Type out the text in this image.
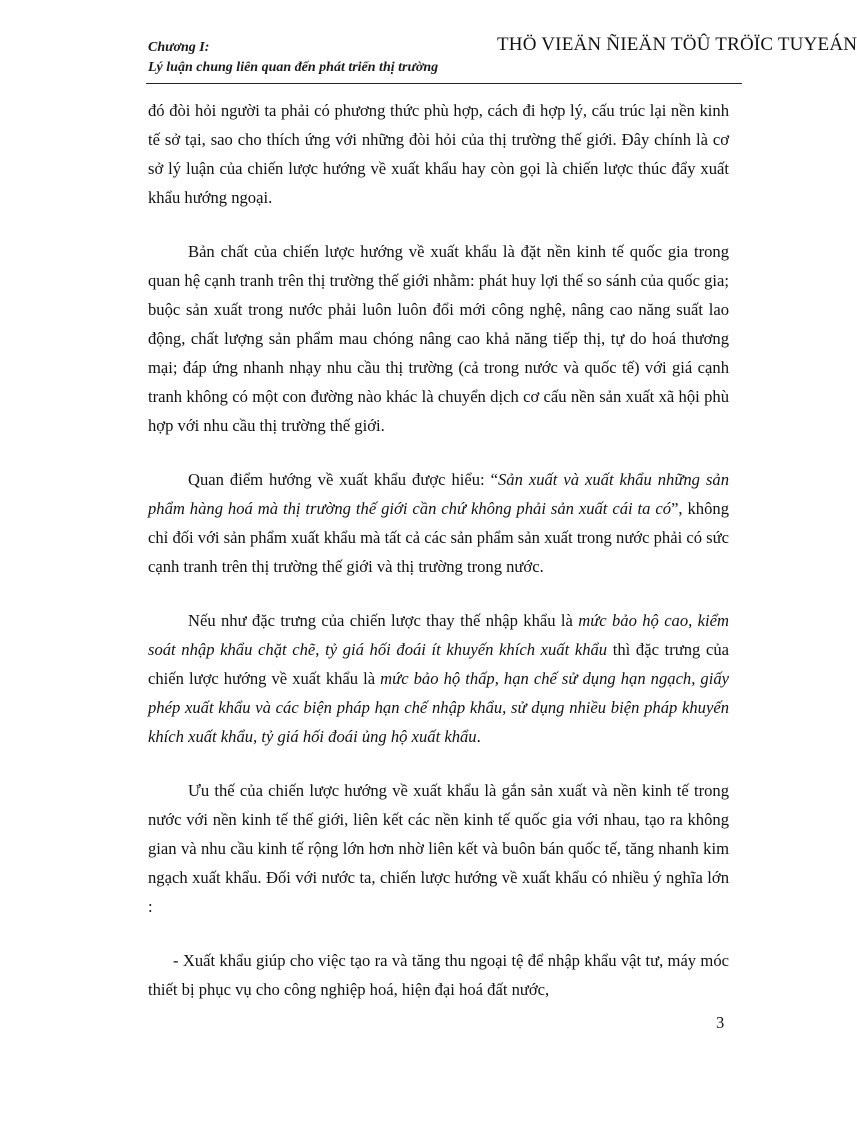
Chương I:
Lý luận chung liên quan đến phát triển thị trường
THÖ VIEÄN ÑIEÄN TÖÛ TRÖÏC TUYEÁN

đó đòi hỏi người ta phải có phương thức phù hợp, cách đi hợp lý, cấu trúc lại nền kinh tế sở tại, sao cho thích ứng với những đòi hỏi của thị trường thế giới. Đây chính là cơ sở lý luận của chiến lược hướng về xuất khẩu hay còn gọi là chiến lược thúc đẩy xuất khẩu hướng ngoại.

Bản chất của chiến lược hướng về xuất khẩu là đặt nền kinh tế quốc gia trong quan hệ cạnh tranh trên thị trường thế giới nhằm: phát huy lợi thế so sánh của quốc gia; buộc sản xuất trong nước phải luôn luôn đổi mới công nghệ, nâng cao năng suất lao động, chất lượng sản phẩm mau chóng nâng cao khả năng tiếp thị, tự do hoá thương mại; đáp ứng nhanh nhạy nhu cầu thị trường (cả trong nước và quốc tế) với giá cạnh tranh không có một con đường nào khác là chuyển dịch cơ cấu nền sản xuất xã hội phù hợp với nhu cầu thị trường thế giới.

Quan điểm hướng về xuất khẩu được hiểu: “Sản xuất và xuất khẩu những sản phẩm hàng hoá mà thị trường thế giới cần chứ không phải sản xuất cái ta có”, không chỉ đối với sản phẩm xuất khẩu mà tất cả các sản phẩm sản xuất trong nước phải có sức cạnh tranh trên thị trường thế giới và thị trường trong nước.

Nếu như đặc trưng của chiến lược thay thế nhập khẩu là mức bảo hộ cao, kiểm soát nhập khẩu chặt chẽ, tỷ giá hối đoái ít khuyến khích xuất khẩu thì đặc trưng của chiến lược hướng về xuất khẩu là mức bảo hộ thấp, hạn chế sử dụng hạn ngạch, giấy phép xuất khẩu và các biện pháp hạn chế nhập khẩu, sử dụng nhiều biện pháp khuyến khích xuất khẩu, tỷ giá hối đoái ủng hộ xuất khẩu.

Ưu thế của chiến lược hướng về xuất khẩu là gắn sản xuất và nền kinh tế trong nước với nền kinh tế thế giới, liên kết các nền kinh tế quốc gia với nhau, tạo ra không gian và nhu cầu kinh tế rộng lớn hơn nhờ liên kết và buôn bán quốc tế, tăng nhanh kim ngạch xuất khẩu. Đối với nước ta, chiến lược hướng về xuất khẩu có nhiều ý nghĩa lớn :

- Xuất khẩu giúp cho việc tạo ra và tăng thu ngoại tệ để nhập khẩu vật tư, máy móc thiết bị phục vụ cho công nghiệp hoá, hiện đại hoá đất nước,

3
